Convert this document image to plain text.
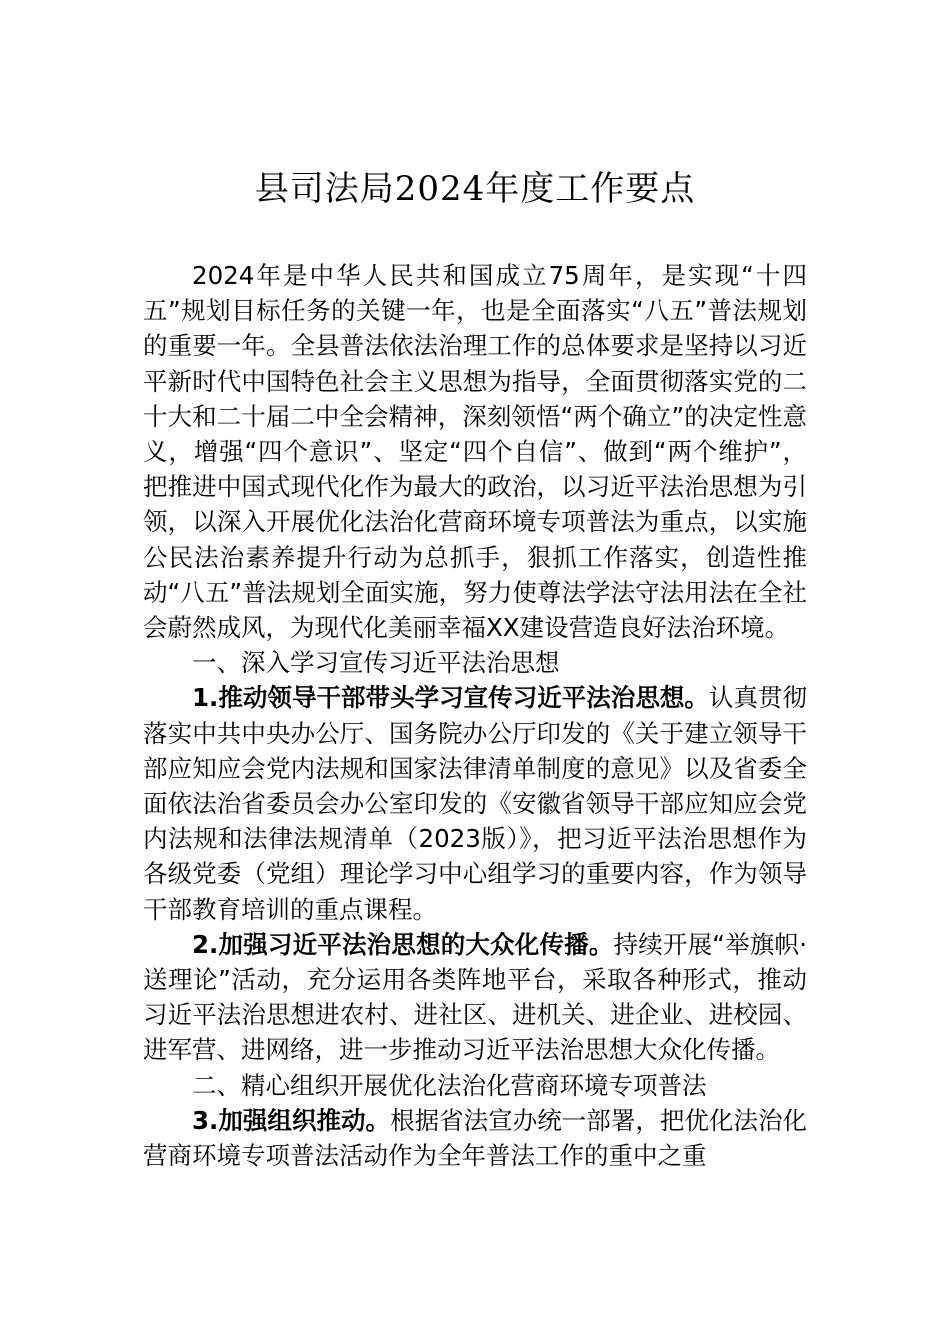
县司法局2024年度工作要点

2024年是中华人民共和国成立75周年，是实现“十四五”规划目标任务的关键一年，也是全面落实“八五”普法规划的重要一年。全县普法依法治理工作的总体要求是坚持以习近平新时代中国特色社会主义思想为指导，全面贯彻落实党的二十大和二十届二中全会精神，深刻领悟“两个确立”的决定性意义，增强“四个意识”、坚定“四个自信”、做到“两个维护”，把推进中国式现代化作为最大的政治，以习近平法治思想为引领，以深入开展优化法治化营商环境专项普法为重点，以实施公民法治素养提升行动为总抓手，狠抓工作落实，创造性推动“八五”普法规划全面实施，努力使尊法学法守法用法在全社会蔚然成风，为现代化美丽幸福XX建设营造良好法治环境。

一、深入学习宣传习近平法治思想

1.推动领导干部带头学习宣传习近平法治思想。认真贯彻落实中共中央办公厅、国务院办公厅印发的《关于建立领导干部应知应会党内法规和国家法律清单制度的意见》以及省委全面依法治省委员会办公室印发的《安徽省领导干部应知应会党内法规和法律法规清单（2023版）》，把习近平法治思想作为各级党委（党组）理论学习中心组学习的重要内容，作为领导干部教育培训的重点课程。

2.加强习近平法治思想的大众化传播。持续开展“举旗帜·送理论”活动，充分运用各类阵地平台，采取各种形式，推动习近平法治思想进农村、进社区、进机关、进企业、进校园、进军营、进网络，进一步推动习近平法治思想大众化传播。

二、精心组织开展优化法治化营商环境专项普法

3.加强组织推动。根据省法宣办统一部署，把优化法治化营商环境专项普法活动作为全年普法工作的重中之重
